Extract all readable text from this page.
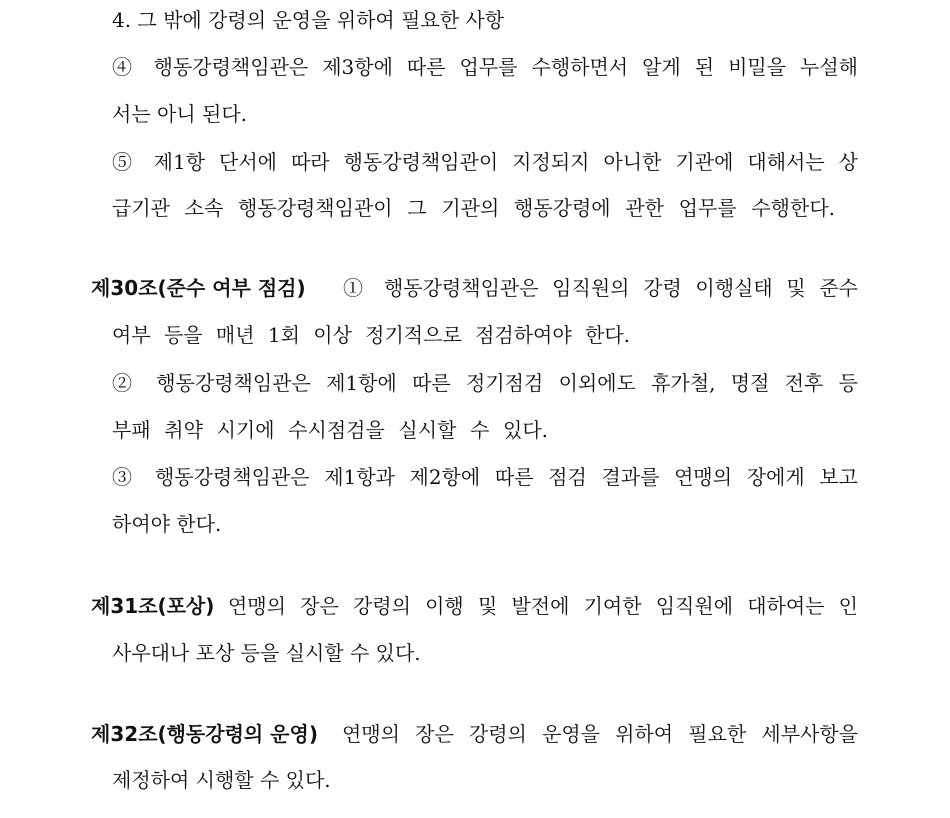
4. 그 밖에 강령의 운영을 위하여 필요한 사항
④ 행동강령책임관은 제3항에 따른 업무를 수행하면서 알게 된 비밀을 누설해
서는 아니 된다.
⑤ 제1항 단서에 따라 행동강령책임관이 지정되지 아니한 기관에 대해서는 상
급기관 소속 행동강령책임관이 그 기관의 행동강령에 관한 업무를 수행한다.
제30조(준수 여부 점검) ① 행동강령책임관은 임직원의 강령 이행실태 및 준수
여부 등을 매년 1회 이상 정기적으로 점검하여야 한다.
② 행동강령책임관은 제1항에 따른 정기점검 이외에도 휴가철, 명절 전후 등
부패 취약 시기에 수시점검을 실시할 수 있다.
③ 행동강령책임관은 제1항과 제2항에 따른 점검 결과를 연맹의 장에게 보고
하여야 한다.
제31조(포상) 연맹의 장은 강령의 이행 및 발전에 기여한 임직원에 대하여는 인
사우대나 포상 등을 실시할 수 있다.
제32조(행동강령의 운영) 연맹의 장은 강령의 운영을 위하여 필요한 세부사항을
제정하여 시행할 수 있다.
